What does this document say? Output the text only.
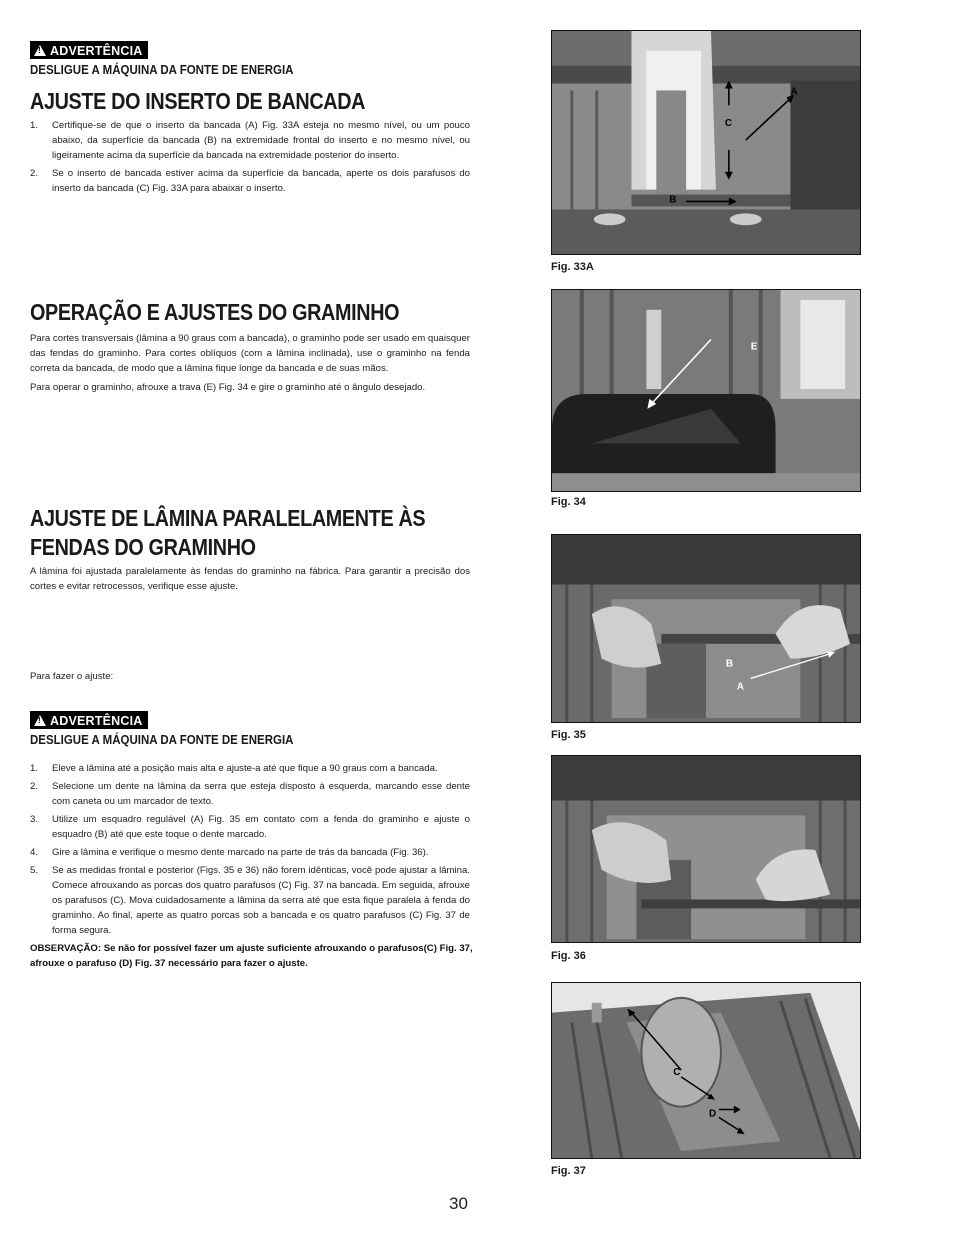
!
ADVERTÊNCIA
DESLIGUE A MÁQUINA DA FONTE DE ENERGIA
AJUSTE DO INSERTO DE BANCADA
1. Certifique-se de que o inserto da bancada (A) Fig. 33A esteja no mesmo nível, ou um pouco abaixo, da superfície da bancada (B) na extremidade frontal do inserto e no mesmo nível, ou ligeiramente acima da superfície da bancada na extremidade posterior do inserto.
2. Se o inserto de bancada estiver acima da superfície da bancada, aperte os dois parafusos do inserto da bancada (C) Fig. 33A para abaixar o inserto.
OPERAÇÃO E AJUSTES DO GRAMINHO

Para cortes transversais (lâmina a 90 graus com a bancada), o graminho pode ser usado em quaisquer das fendas do graminho. Para cortes oblíquos (com a lâmina inclinada), use o graminho na fenda correta da bancada, de modo que a lâmina fique longe da bancada e de suas mãos.

Para operar o graminho, afrouxe a trava (E) Fig. 34 e gire o graminho até o ângulo desejado.

AJUSTE DE LÂMINA PARALELAMENTE ÀS
FENDAS DO GRAMINHO

A lâmina foi ajustada paralelamente às fendas do graminho na fábrica. Para garantir a precisão dos cortes e evitar retrocessos, verifique esse ajuste.

Para fazer o ajuste:

!
ADVERTÊNCIA
DESLIGUE A MÁQUINA DA FONTE DE ENERGIA
1. Eleve a lâmina até a posição mais alta e ajuste-a até que fique a 90 graus com a bancada.
2. Selecione um dente na lâmina da serra que esteja disposto à esquerda, marcando esse dente com caneta ou um marcador de texto.
3. Utilize um esquadro regulável (A) Fig. 35 em contato com a fenda do graminho e ajuste o esquadro (B) até que este toque o dente marcado.
4. Gire a lâmina e verifique o mesmo dente marcado na parte de trás da bancada (Fig. 36).
5. Se as medidas frontal e posterior (Figs. 35 e 36) não forem idênticas, você pode ajustar a lâmina. Comece afrouxando as porcas dos quatro parafusos (C) Fig. 37 na bancada. Em seguida, afrouxe os parafusos (C). Mova cuidadosamente a lâmina da serra até que esta fique paralela à fenda do graminho. Ao final, aperte as quatro porcas sob a bancada e os quatro parafusos (C) Fig. 37 de forma segura.

OBSERVAÇÃO: Se não for possível fazer um ajuste suficiente afrouxando o parafusos(C) Fig. 37, afrouxe o parafuso (D) Fig. 37 necessário para fazer o ajuste.

A
C
B
Fig. 33A
E
Fig. 34
B
A
Fig. 35
Fig. 36
C
D
Fig. 37
30
